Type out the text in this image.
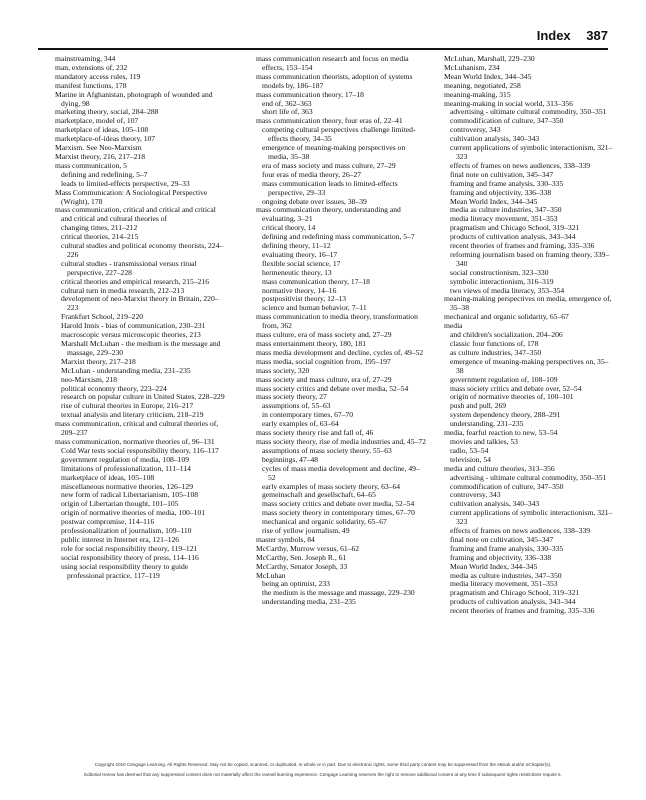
Index 387

mainstreaming, 344

man, extensions of, 232

mandatory access rules, 119

manifest functions, 178

Marine in Afghanistan, photograph of wounded and dying, 98

marketing theory, social, 284–288

marketplace, model of, 107

marketplace of ideas, 105–108

marketplace-of-ideas theory, 107

Marxism. See Neo-Marxism

Marxist theory, 216, 217–218

mass communication, 5

defining and redefining, 5–7

leads to limited-effects perspective, 29–33

Mass Communication: A Sociological Perspective (Wright), 178

mass communication, critical and critical and critical and critical and cultural theories of

changing times, 211–212

critical theories, 214–215

cultural studies and political economy theorists, 224–226

cultural studies - transmissional versus ritual perspective, 227–228

critical theories and empirical research, 215–216

cultural turn in media research, 212–213

development of neo-Marxist theory in Britain, 220–223

Frankfurt School, 219–220

Harold Innis - bias of communication, 230–231

macroscopic versus microscopic theories, 213

Marshall McLuhan - the medium is the message and massage, 229–230

Marxist theory, 217–218

McLuhan - understanding media, 231–235

neo-Marxism, 218

political economy theory, 223–224

research on popular culture in United States, 228–229

rise of cultural theories in Europe, 216–217

textual analysis and literary criticism, 218–219

mass communication, critical and cultural theories of, 209–237

mass communication, normative theories of, 96–131

Cold War tests social responsibility theory, 116–117

government regulation of media, 108–109

limitations of professionalization, 111–114

marketplace of ideas, 105–108

miscellaneous normative theories, 126–129

new form of radical Libertarianism, 105–108

origin of Libertarian thought, 101–105

origin of normative theories of media, 100–101

postwar compromise, 114–116

professionalization of journalism, 109–110

public interest in Internet era, 121–126

role for social responsibility theory, 119–121

social responsibility theory of press, 114–116

using social responsibility theory to guide professional practice, 117–119

mass communication research and focus on media effects, 153–154

mass communication theorists, adoption of systems models by, 186–187

mass communication theory, 17–18

end of, 362–363

short life of, 363

mass communication theory, four eras of, 22–41

competing cultural perspectives challenge limited-effects theory, 34–35

emergence of meaning-making perspectives on media, 35–38

era of mass society and mass culture, 27–29

four eras of media theory, 26–27

mass communication leads to limited-effects perspective, 29–33

ongoing debate over issues, 38–39

mass communication theory, understanding and evaluating, 3–21

critical theory, 14

defining and redefining mass communication, 5–7

defining theory, 11–12

evaluating theory, 16–17

flexible social science, 17

hermeneutic theory, 13

mass communication theory, 17–18

normative theory, 14–16

postpositivist theory, 12–13

science and human behavior, 7–11

mass communication to media theory, transformation from, 362

mass culture, era of mass society and, 27–29

mass entertainment theory, 180, 181

mass media development and decline, cycles of, 49–52

mass media, social cognition from, 195–197

mass society, 320

mass society and mass culture, era of, 27–29

mass society critics and debate over media, 52–54

mass society theory, 27

assumptions of, 55–63

in contemporary times, 67–70

early examples of, 63–64

mass society theory rise and fall of, 46

mass society theory, rise of media industries and, 45–72

assumptions of mass society theory, 55–63

beginnings, 47–48

cycles of mass media development and decline, 49–52

early examples of mass society theory, 63–64

gemeinschaft and gesellschaft, 64–65

mass society critics and debate over media, 52–54

mass society theory in contemporary times, 67–70

mechanical and organic solidarity, 65–67

rise of yellow journalism, 49

master symbols, 84

McCarthy, Murrow versus, 61–62

McCarthy, Sen. Joseph R., 61

McCarthy, Senator Joseph, 33

McLuhan

being an optimist, 233

the medium is the message and massage, 229–230

understanding media, 231–235

McLuhan, Marshall, 229–230

McLuhanism, 234

Mean World Index, 344–345

meaning, negotiated, 258

meaning-making, 315

meaning-making in social world, 313–356

advertising - ultimate cultural commodity, 350–351

commodification of culture, 347–350

controversy, 343

cultivation analysis, 340–343

current applications of symbolic interactionism, 321–323

effects of frames on news audiences, 338–339

final note on cultivation, 345–347

framing and frame analysis, 330–335

framing and objectivity, 336–338

Mean World Index, 344–345

media as culture industries, 347–350

media literacy movement, 351–353

pragmatism and Chicago School, 319–321

products of cultivation analysis, 343–344

recent theories of frames and framing, 335–336

reforming journalism based on framing theory, 339–340

social constructionism, 323–330

symbolic interactionism, 316–319

two views of media literacy, 353–354

meaning-making perspectives on media, emergence of, 35–38

mechanical and organic solidarity, 65–67

media

and children's socialization, 204–206

classic four functions of, 178

as culture industries, 347–350

emergence of meaning-making perspectives on, 35–38

government regulation of, 108–109

mass society critics and debate over, 52–54

origin of normative theories of, 100–101

push and pull, 269

system dependency theory, 288–291

understanding, 231–235

media, fearful reaction to new, 53–54

movies and talkies, 53

radio, 53–54

television, 54

media and culture theories, 313–356

advertising - ultimate cultural commodity, 350–351

commodification of culture, 347–350

controversy, 343

cultivation analysis, 340–343

current applications of symbolic interactionism, 321–323

effects of frames on news audiences, 338–339

final note on cultivation, 345–347

framing and frame analysis, 330–335

framing and objectivity, 336–338

Mean World Index, 344–345

media as culture industries, 347–350

media literacy movement, 351–353

pragmatism and Chicago School, 319–321

products of cultivation analysis, 343–344

recent theories of frames and framing, 335–336

Copyright 2010 Cengage Learning. All Rights Reserved. May not be copied, scanned, or duplicated, in whole or in part. Due to electronic rights, some third party content may be suppressed from the eBook and/or eChapter(s).
Editorial review has deemed that any suppressed content does not materially affect the overall learning experience. Cengage Learning reserves the right to remove additional content at any time if subsequent rights restrictions require it.
